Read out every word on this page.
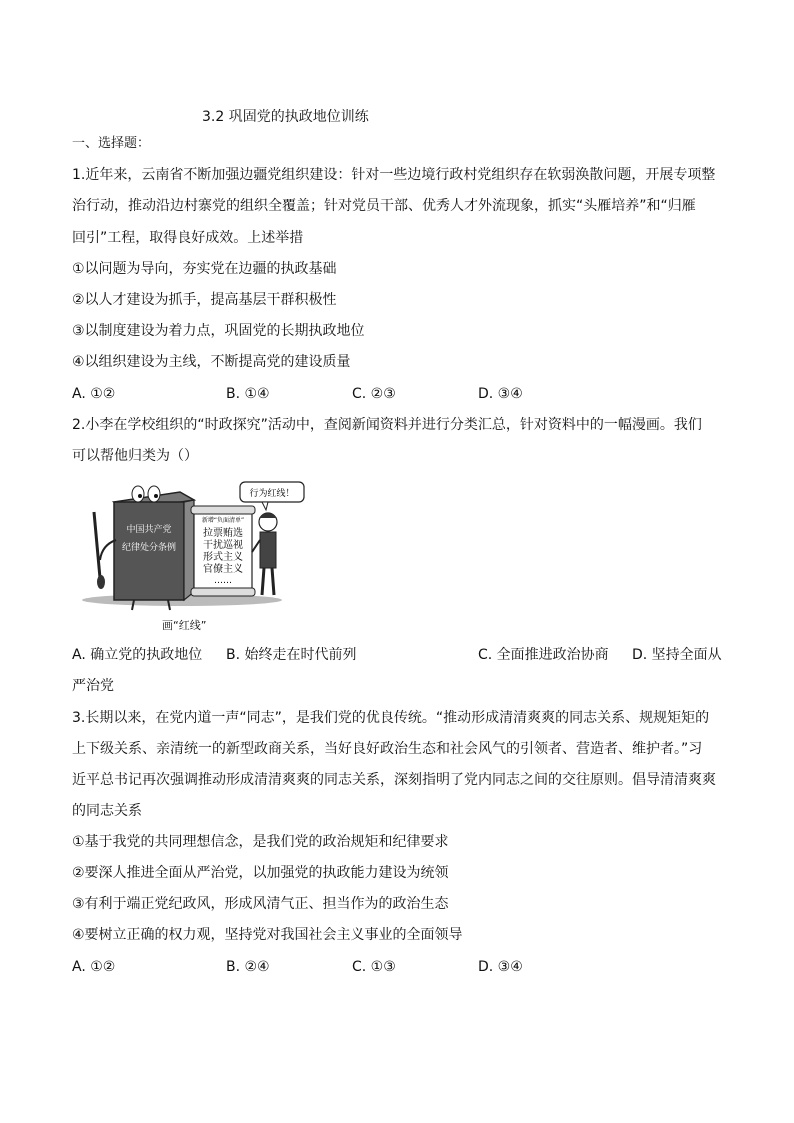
3.2 巩固党的执政地位训练
一、选择题：
1.近年来，云南省不断加强边疆党组织建设：针对一些边境行政村党组织存在软弱涣散问题，开展专项整
治行动，推动沿边村寨党的组织全覆盖；针对党员干部、优秀人才外流现象，抓实“头雁培养”和“归雁
回引”工程，取得良好成效。上述举措
①以问题为导向，夯实党在边疆的执政基础
②以人才建设为抓手，提高基层干群积极性
③以制度建设为着力点，巩固党的长期执政地位
④以组织建设为主线，不断提高党的建设质量
A. ①②	B. ①④	C. ②③	D. ③④
2.小李在学校组织的“时政探究”活动中，查阅新闻资料并进行分类汇总，针对资料中的一幅漫画。我们
可以帮他归类为（）
中国共产党
纪律处分条例
新增“负面清单”
拉票贿选
干扰巡视
形式主义
官僚主义
……
行为红线！
画“红线”
A. 确立党的执政地位 B. 始终走在时代前列	C. 全面推进政治协商 D. 坚持全面从
严治党
3.长期以来，在党内道一声“同志”，是我们党的优良传统。“推动形成清清爽爽的同志关系、规规矩矩的
上下级关系、亲清统一的新型政商关系，当好良好政治生态和社会风气的引领者、营造者、维护者。”习
近平总书记再次强调推动形成清清爽爽的同志关系，深刻指明了党内同志之间的交往原则。倡导清清爽爽
的同志关系
①基于我党的共同理想信念，是我们党的政治规矩和纪律要求
②要深人推进全面从严治党，以加强党的执政能力建设为统领
③有利于端正党纪政风，形成风清气正、担当作为的政治生态
④要树立正确的权力观，坚持党对我国社会主义事业的全面领导
A. ①②	B. ②④	C. ①③	D. ③④
